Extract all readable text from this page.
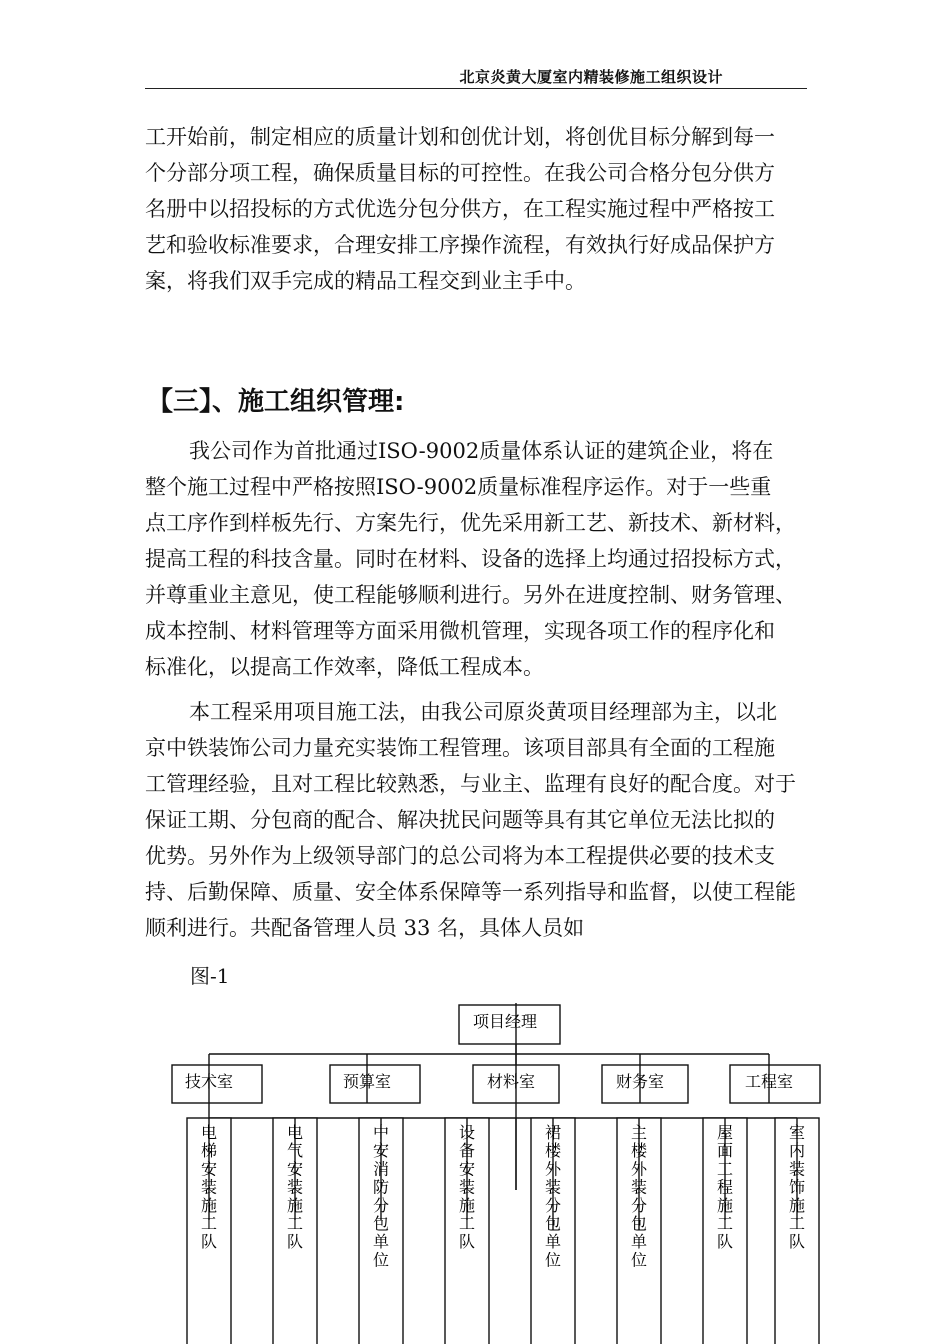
北京炎黄大厦室内精装修施工组织设计
工开始前，制定相应的质量计划和创优计划，将创优目标分解到每一
个分部分项工程，确保质量目标的可控性。在我公司合格分包分供方
名册中以招投标的方式优选分包分供方，在工程实施过程中严格按工
艺和验收标准要求，合理安排工序操作流程，有效执行好成品保护方
案，将我们双手完成的精品工程交到业主手中。
【三】、施工组织管理:
我公司作为首批通过ISO-9002质量体系认证的建筑企业，将在
整个施工过程中严格按照ISO-9002质量标准程序运作。对于一些重
点工序作到样板先行、方案先行，优先采用新工艺、新技术、新材料，
提高工程的科技含量。同时在材料、设备的选择上均通过招投标方式，
并尊重业主意见，使工程能够顺利进行。另外在进度控制、财务管理、
成本控制、材料管理等方面采用微机管理，实现各项工作的程序化和
标准化，以提高工作效率，降低工程成本。
本工程采用项目施工法，由我公司原炎黄项目经理部为主，以北
京中铁装饰公司力量充实装饰工程管理。该项目部具有全面的工程施
工管理经验，且对工程比较熟悉，与业主、监理有良好的配合度。对于
保证工期、分包商的配合、解决扰民问题等具有其它单位无法比拟的
优势。另外作为上级领导部门的总公司将为本工程提供必要的技术支
持、后勤保障、质量、安全体系保障等一系列指导和监督，以使工程能
顺利进行。共配备管理人员 33 名，具体人员如
图-1
项目经理
技术室	预算室	材料室	财务室	工程室
电梯安装施工队
电气安装施工队
中安消防分包单位
设备安装施工队
裙楼外装分包单位
主楼外装分包单位
屋面工程施工队
室内装饰施工队
